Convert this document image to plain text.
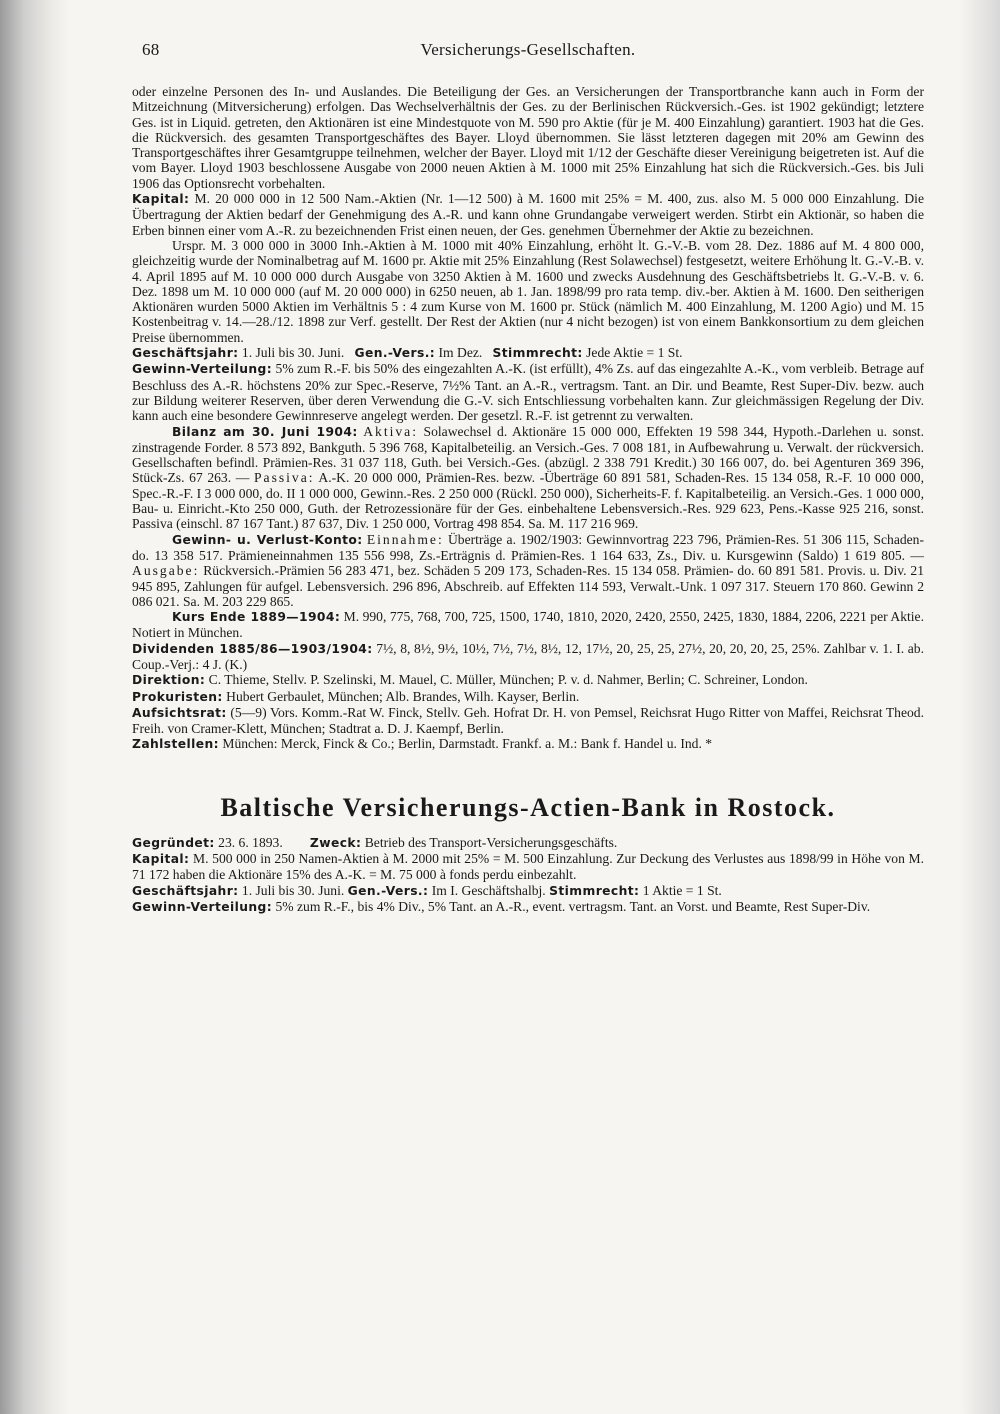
68	Versicherungs-Gesellschaften.

oder einzelne Personen des In- und Auslandes. Die Beteiligung der Ges. an Versicherungen der Transportbranche kann auch in Form der Mitzeichnung (Mitversicherung) erfolgen. Das Wechselverhältnis der Ges. zu der Berlinischen Rückversich.-Ges. ist 1902 gekündigt; letztere Ges. ist in Liquid. getreten, den Aktionären ist eine Mindestquote von M. 590 pro Aktie (für je M. 400 Einzahlung) garantiert. 1903 hat die Ges. die Rückversich. des gesamten Transportgeschäftes des Bayer. Lloyd übernommen. Sie lässt letzteren dagegen mit 20% am Gewinn des Transportgeschäftes ihrer Gesamtgruppe teilnehmen, welcher der Bayer. Lloyd mit 1/12 der Geschäfte dieser Vereinigung beigetreten ist. Auf die vom Bayer. Lloyd 1903 beschlossene Ausgabe von 2000 neuen Aktien à M. 1000 mit 25% Einzahlung hat sich die Rückversich.-Ges. bis Juli 1906 das Optionsrecht vorbehalten.

Kapital: M. 20 000 000 in 12 500 Nam.-Aktien (Nr. 1—12 500) à M. 1600 mit 25% = M. 400, zus. also M. 5 000 000 Einzahlung. Die Übertragung der Aktien bedarf der Genehmigung des A.-R. und kann ohne Grundangabe verweigert werden. Stirbt ein Aktionär, so haben die Erben binnen einer vom A.-R. zu bezeichnenden Frist einen neuen, der Ges. genehmen Übernehmer der Aktie zu bezeichnen.

Urspr. M. 3 000 000 in 3000 Inh.-Aktien à M. 1000 mit 40% Einzahlung, erhöht lt. G.-V.-B. vom 28. Dez. 1886 auf M. 4 800 000, gleichzeitig wurde der Nominalbetrag auf M. 1600 pr. Aktie mit 25% Einzahlung (Rest Solawechsel) festgesetzt, weitere Erhöhung lt. G.-V.-B. v. 4. April 1895 auf M. 10 000 000 durch Ausgabe von 3250 Aktien à M. 1600 und zwecks Ausdehnung des Geschäftsbetriebs lt. G.-V.-B. v. 6. Dez. 1898 um M. 10 000 000 (auf M. 20 000 000) in 6250 neuen, ab 1. Jan. 1898/99 pro rata temp. div.-ber. Aktien à M. 1600. Den seitherigen Aktionären wurden 5000 Aktien im Verhältnis 5 : 4 zum Kurse von M. 1600 pr. Stück (nämlich M. 400 Einzahlung, M. 1200 Agio) und M. 15 Kostenbeitrag v. 14.—28./12. 1898 zur Verf. gestellt. Der Rest der Aktien (nur 4 nicht bezogen) ist von einem Bankkonsortium zu dem gleichen Preise übernommen.

Geschäftsjahr: 1. Juli bis 30. Juni. Gen.-Vers.: Im Dez. Stimmrecht: Jede Aktie = 1 St.

Gewinn-Verteilung: 5% zum R.-F. bis 50% des eingezahlten A.-K. (ist erfüllt), 4% Zs. auf das eingezahlte A.-K., vom verbleib. Betrage auf Beschluss des A.-R. höchstens 20% zur Spec.-Reserve, 7½% Tant. an A.-R., vertragsm. Tant. an Dir. und Beamte, Rest Super-Div. bezw. auch zur Bildung weiterer Reserven, über deren Verwendung die G.-V. sich Entschliessung vorbehalten kann. Zur gleichmässigen Regelung der Div. kann auch eine besondere Gewinnreserve angelegt werden. Der gesetzl. R.-F. ist getrennt zu verwalten.

Bilanz am 30. Juni 1904: Aktiva: Solawechsel d. Aktionäre 15 000 000, Effekten 19 598 344, Hypoth.-Darlehen u. sonst. zinstragende Forder. 8 573 892, Bankguth. 5 396 768, Kapitalbeteilig. an Versich.-Ges. 7 008 181, in Aufbewahrung u. Verwalt. der rückversich. Gesellschaften befindl. Prämien-Res. 31 037 118, Guth. bei Versich.-Ges. (abzügl. 2 338 791 Kredit.) 30 166 007, do. bei Agenturen 369 396, Stück-Zs. 67 263. — Passiva: A.-K. 20 000 000, Prämien-Res. bezw. -Überträge 60 891 581, Schaden-Res. 15 134 058, R.-F. 10 000 000, Spec.-R.-F. I 3 000 000, do. II 1 000 000, Gewinn.-Res. 2 250 000 (Rückl. 250 000), Sicherheits-F. f. Kapitalbeteilig. an Versich.-Ges. 1 000 000, Bau- u. Einricht.-Kto 250 000, Guth. der Retrozessionäre für der Ges. einbehaltene Lebensversich.-Res. 929 623, Pens.-Kasse 925 216, sonst. Passiva (einschl. 87 167 Tant.) 87 637, Div. 1 250 000, Vortrag 498 854. Sa. M. 117 216 969.

Gewinn- u. Verlust-Konto: Einnahme: Überträge a. 1902/1903: Gewinnvortrag 223 796, Prämien-Res. 51 306 115, Schaden- do. 13 358 517. Prämieneinnahmen 135 556 998, Zs.-Erträgnis d. Prämien-Res. 1 164 633, Zs., Div. u. Kursgewinn (Saldo) 1 619 805. — Ausgabe: Rückversich.-Prämien 56 283 471, bez. Schäden 5 209 173, Schaden-Res. 15 134 058. Prämien- do. 60 891 581. Provis. u. Div. 21 945 895, Zahlungen für aufgel. Lebensversich. 296 896, Abschreib. auf Effekten 114 593, Verwalt.-Unk. 1 097 317. Steuern 170 860. Gewinn 2 086 021. Sa. M. 203 229 865.

Kurs Ende 1889—1904: M. 990, 775, 768, 700, 725, 1500, 1740, 1810, 2020, 2420, 2550, 2425, 1830, 1884, 2206, 2221 per Aktie. Notiert in München.

Dividenden 1885/86—1903/1904: 7½, 8, 8½, 9½, 10½, 7½, 7½, 8½, 12, 17½, 20, 25, 25, 27½, 20, 20, 20, 25, 25%. Zahlbar v. 1. I. ab. Coup.-Verj.: 4 J. (K.)

Direktion: C. Thieme, Stellv. P. Szelinski, M. Mauel, C. Müller, München; P. v. d. Nahmer, Berlin; C. Schreiner, London.

Prokuristen: Hubert Gerbaulet, München; Alb. Brandes, Wilh. Kayser, Berlin.

Aufsichtsrat: (5—9) Vors. Komm.-Rat W. Finck, Stellv. Geh. Hofrat Dr. H. von Pemsel, Reichsrat Hugo Ritter von Maffei, Reichsrat Theod. Freih. von Cramer-Klett, München; Stadtrat a. D. J. Kaempf, Berlin.

Zahlstellen: München: Merck, Finck & Co.; Berlin, Darmstadt. Frankf. a. M.: Bank f. Handel u. Ind. *

Baltische Versicherungs-Actien-Bank in Rostock.

Gegründet: 23. 6. 1893. Zweck: Betrieb des Transport-Versicherungsgeschäfts.

Kapital: M. 500 000 in 250 Namen-Aktien à M. 2000 mit 25% = M. 500 Einzahlung. Zur Deckung des Verlustes aus 1898/99 in Höhe von M. 71 172 haben die Aktionäre 15% des A.-K. = M. 75 000 à fonds perdu einbezahlt.

Geschäftsjahr: 1. Juli bis 30. Juni. Gen.-Vers.: Im I. Geschäftshalbj. Stimmrecht: 1 Aktie = 1 St.

Gewinn-Verteilung: 5% zum R.-F., bis 4% Div., 5% Tant. an A.-R., event. vertragsm. Tant. an Vorst. und Beamte, Rest Super-Div.
